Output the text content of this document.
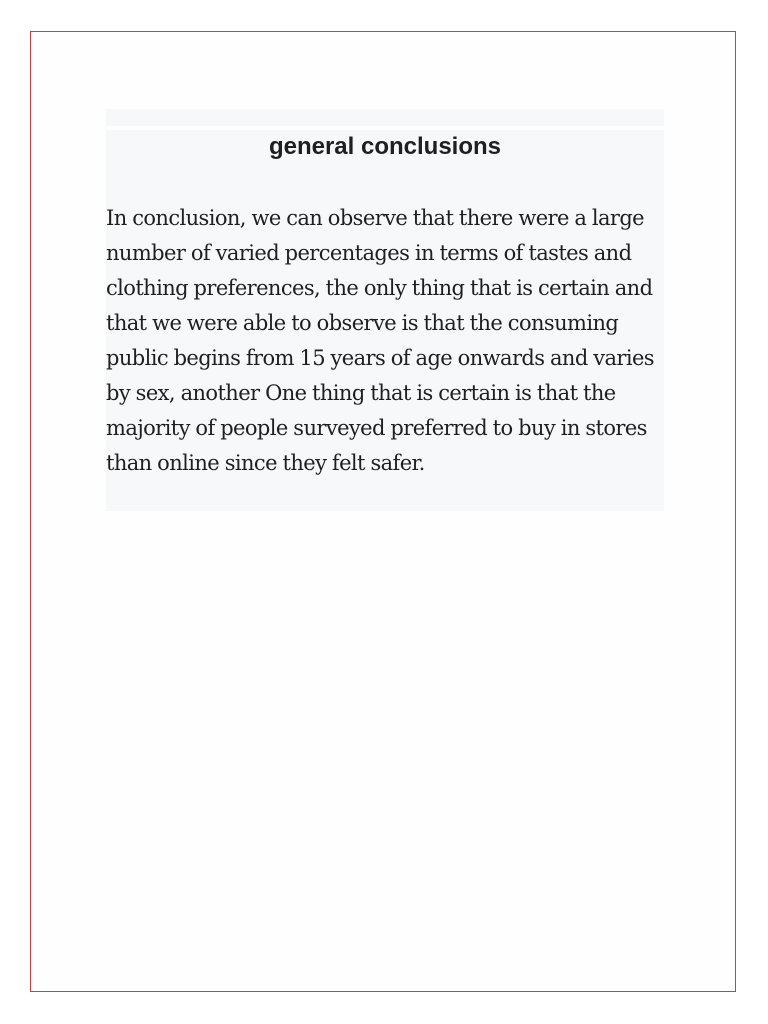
general conclusions

In conclusion, we can observe that there were a large number of varied percentages in terms of tastes and clothing preferences, the only thing that is certain and that we were able to observe is that the consuming public begins from 15 years of age onwards and varies by sex, another One thing that is certain is that the majority of people surveyed preferred to buy in stores than online since they felt safer.
